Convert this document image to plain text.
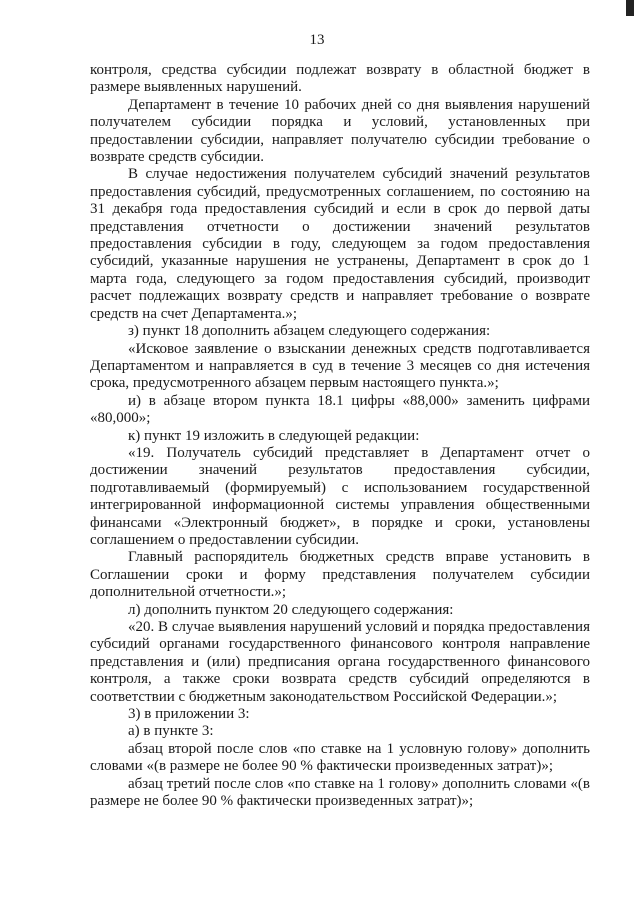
13

контроля, средства субсидии подлежат возврату в областной бюджет в размере выявленных нарушений.

Департамент в течение 10 рабочих дней со дня выявления нарушений получателем субсидии порядка и условий, установленных при предоставлении субсидии, направляет получателю субсидии требование о возврате средств субсидии.

В случае недостижения получателем субсидий значений результатов предоставления субсидий, предусмотренных соглашением, по состоянию на 31 декабря года предоставления субсидий и если в срок до первой даты представления отчетности о достижении значений результатов предоставления субсидии в году, следующем за годом предоставления субсидий, указанные нарушения не устранены, Департамент в срок до 1 марта года, следующего за годом предоставления субсидий, производит расчет подлежащих возврату средств и направляет требование о возврате средств на счет Департамента.»;

з) пункт 18 дополнить абзацем следующего содержания:

«Исковое заявление о взыскании денежных средств подготавливается Департаментом и направляется в суд в течение 3 месяцев со дня истечения срока, предусмотренного абзацем первым настоящего пункта.»;

и) в абзаце втором пункта 18.1 цифры «88,000» заменить цифрами «80,000»;

к) пункт 19 изложить в следующей редакции:

«19. Получатель субсидий представляет в Департамент отчет о достижении значений результатов предоставления субсидии, подготавливаемый (формируемый) с использованием государственной интегрированной информационной системы управления общественными финансами «Электронный бюджет», в порядке и сроки, установлены соглашением о предоставлении субсидии.

Главный распорядитель бюджетных средств вправе установить в Соглашении сроки и форму представления получателем субсидии дополнительной отчетности.»;

л) дополнить пунктом 20 следующего содержания:

«20. В случае выявления нарушений условий и порядка предоставления субсидий органами государственного финансового контроля направление представления и (или) предписания органа государственного финансового контроля, а также сроки возврата средств субсидий определяются в соответствии с бюджетным законодательством Российской Федерации.»;

3) в приложении 3:

а) в пункте 3:

абзац второй после слов «по ставке на 1 условную голову» дополнить словами «(в размере не более 90 % фактически произведенных затрат)»;

абзац третий после слов «по ставке на 1 голову» дополнить словами «(в размере не более 90 % фактически произведенных затрат)»;
